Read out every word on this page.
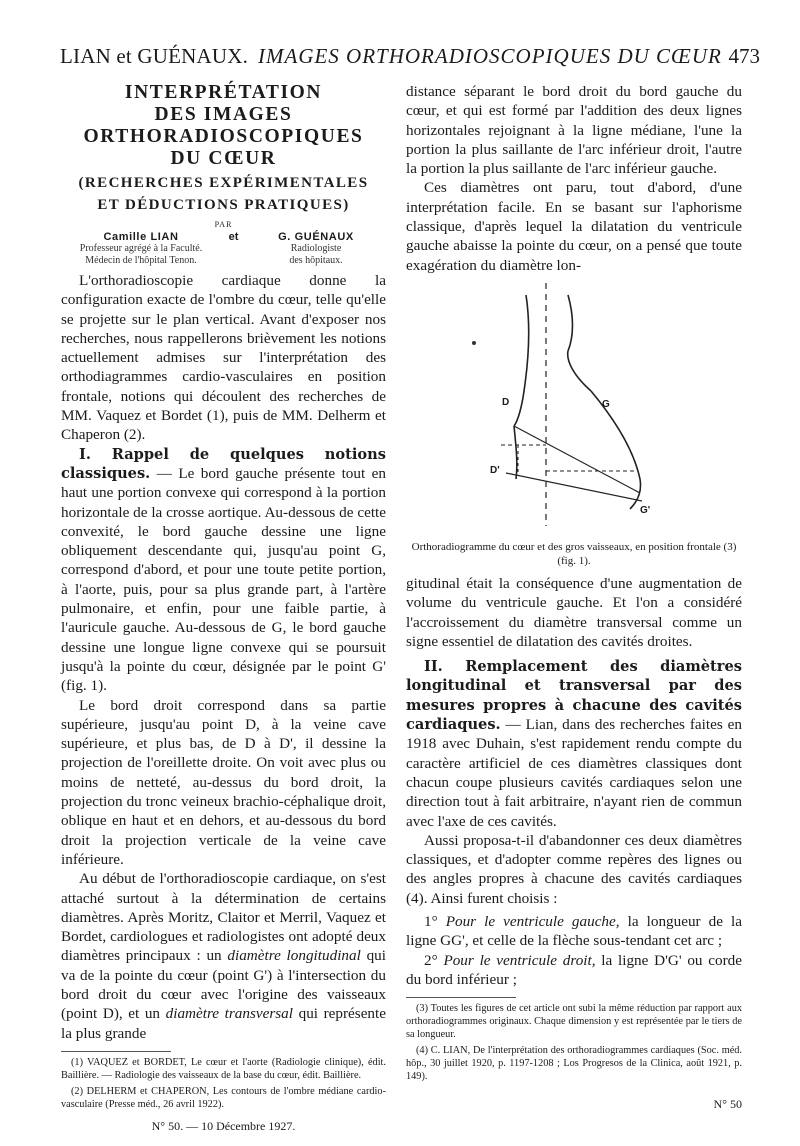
LIAN et GUÉNAUX. IMAGES ORTHORADIOSCOPIQUES DU CŒUR 473
INTERPRÉTATION
DES IMAGES
ORTHORADIOSCOPIQUES
DU CŒUR
(RECHERCHES EXPÉRIMENTALES
ET DÉDUCTIONS PRATIQUES)
PAR
Camille LIAN
Professeur agrégé à la Faculté.
Médecin de l'hôpital Tenon.
et	G. GUÉNAUX
Radiologiste
des hôpitaux.

L'orthoradioscopie cardiaque donne la configuration exacte de l'ombre du cœur, telle qu'elle se projette sur le plan vertical. Avant d'exposer nos recherches, nous rappellerons brièvement les notions actuellement admises sur l'interprétation des orthodiagrammes cardio-vasculaires en position frontale, notions qui découlent des recherches de MM. Vaquez et Bordet (1), puis de MM. Delherm et Chaperon (2).

I. Rappel de quelques notions classiques. — Le bord gauche présente tout en haut une portion convexe qui correspond à la portion horizontale de la crosse aortique. Au-dessous de cette convexité, le bord gauche dessine une ligne obliquement descendante qui, jusqu'au point G, correspond d'abord, et pour une toute petite portion, à l'aorte, puis, pour sa plus grande part, à l'artère pulmonaire, et enfin, pour une faible partie, à l'auricule gauche. Au-dessous de G, le bord gauche dessine une longue ligne convexe qui se poursuit jusqu'à la pointe du cœur, désignée par le point G' (fig. 1).

Le bord droit correspond dans sa partie supérieure, jusqu'au point D, à la veine cave supérieure, et plus bas, de D à D', il dessine la projection de l'oreillette droite. On voit avec plus ou moins de netteté, au-dessus du bord droit, la projection du tronc veineux brachio-céphalique droit, oblique en haut et en dehors, et au-dessous du bord droit la projection verticale de la veine cave inférieure.

Au début de l'orthoradioscopie cardiaque, on s'est attaché surtout à la détermination de certains diamètres. Après Moritz, Claitor et Merril, Vaquez et Bordet, cardiologues et radiologistes ont adopté deux diamètres principaux : un diamètre longitudinal qui va de la pointe du cœur (point G') à l'intersection du bord droit du cœur avec l'origine des vaisseaux (point D), et un diamètre transversal qui représente la plus grande

(1) VAQUEZ et BORDET, Le cœur et l'aorte (Radiologie clinique), édit. Baillière. — Radiologie des vaisseaux de la base du cœur, édit. Baillière.
(2) DELHERM et CHAPERON, Les contours de l'ombre médiane cardio-vasculaire (Presse méd., 26 avril 1922).
N° 50. — 10 Décembre 1927.

distance séparant le bord droit du bord gauche du cœur, et qui est formé par l'addition des deux lignes horizontales rejoignant à la ligne médiane, l'une la portion la plus saillante de l'arc inférieur droit, l'autre la portion la plus saillante de l'arc inférieur gauche.

Ces diamètres ont paru, tout d'abord, d'une interprétation facile. En se basant sur l'aphorisme classique, d'après lequel la dilatation du ventricule gauche abaisse la pointe du cœur, on a pensé que toute exagération du diamètre lon-

D	G
D'
G'
Orthoradiogramme du cœur et des gros vaisseaux, en position frontale (3) (fig. 1).

gitudinal était la conséquence d'une augmentation de volume du ventricule gauche. Et l'on a considéré l'accroissement du diamètre transversal comme un signe essentiel de dilatation des cavités droites.

II. Remplacement des diamètres longitudinal et transversal par des mesures propres à chacune des cavités cardiaques. — Lian, dans des recherches faites en 1918 avec Duhain, s'est rapidement rendu compte du caractère artificiel de ces diamètres classiques dont chacun coupe plusieurs cavités cardiaques selon une direction tout à fait arbitraire, n'ayant rien de commun avec l'axe de ces cavités.

Aussi proposa-t-il d'abandonner ces deux diamètres classiques, et d'adopter comme repères des lignes ou des angles propres à chacune des cavités cardiaques (4). Ainsi furent choisis :

1° Pour le ventricule gauche, la longueur de la ligne GG', et celle de la flèche sous-tendant cet arc ;

2° Pour le ventricule droit, la ligne D'G' ou corde du bord inférieur ;

(3) Toutes les figures de cet article ont subi la même réduction par rapport aux orthoradiogrammes originaux. Chaque dimension y est représentée par le tiers de sa longueur.
(4) C. LIAN, De l'interprétation des orthoradiogrammes cardiaques (Soc. méd. hôp., 30 juillet 1920, p. 1197-1208 ; Los Progresos de la Clinica, août 1921, p. 149).
N° 50
